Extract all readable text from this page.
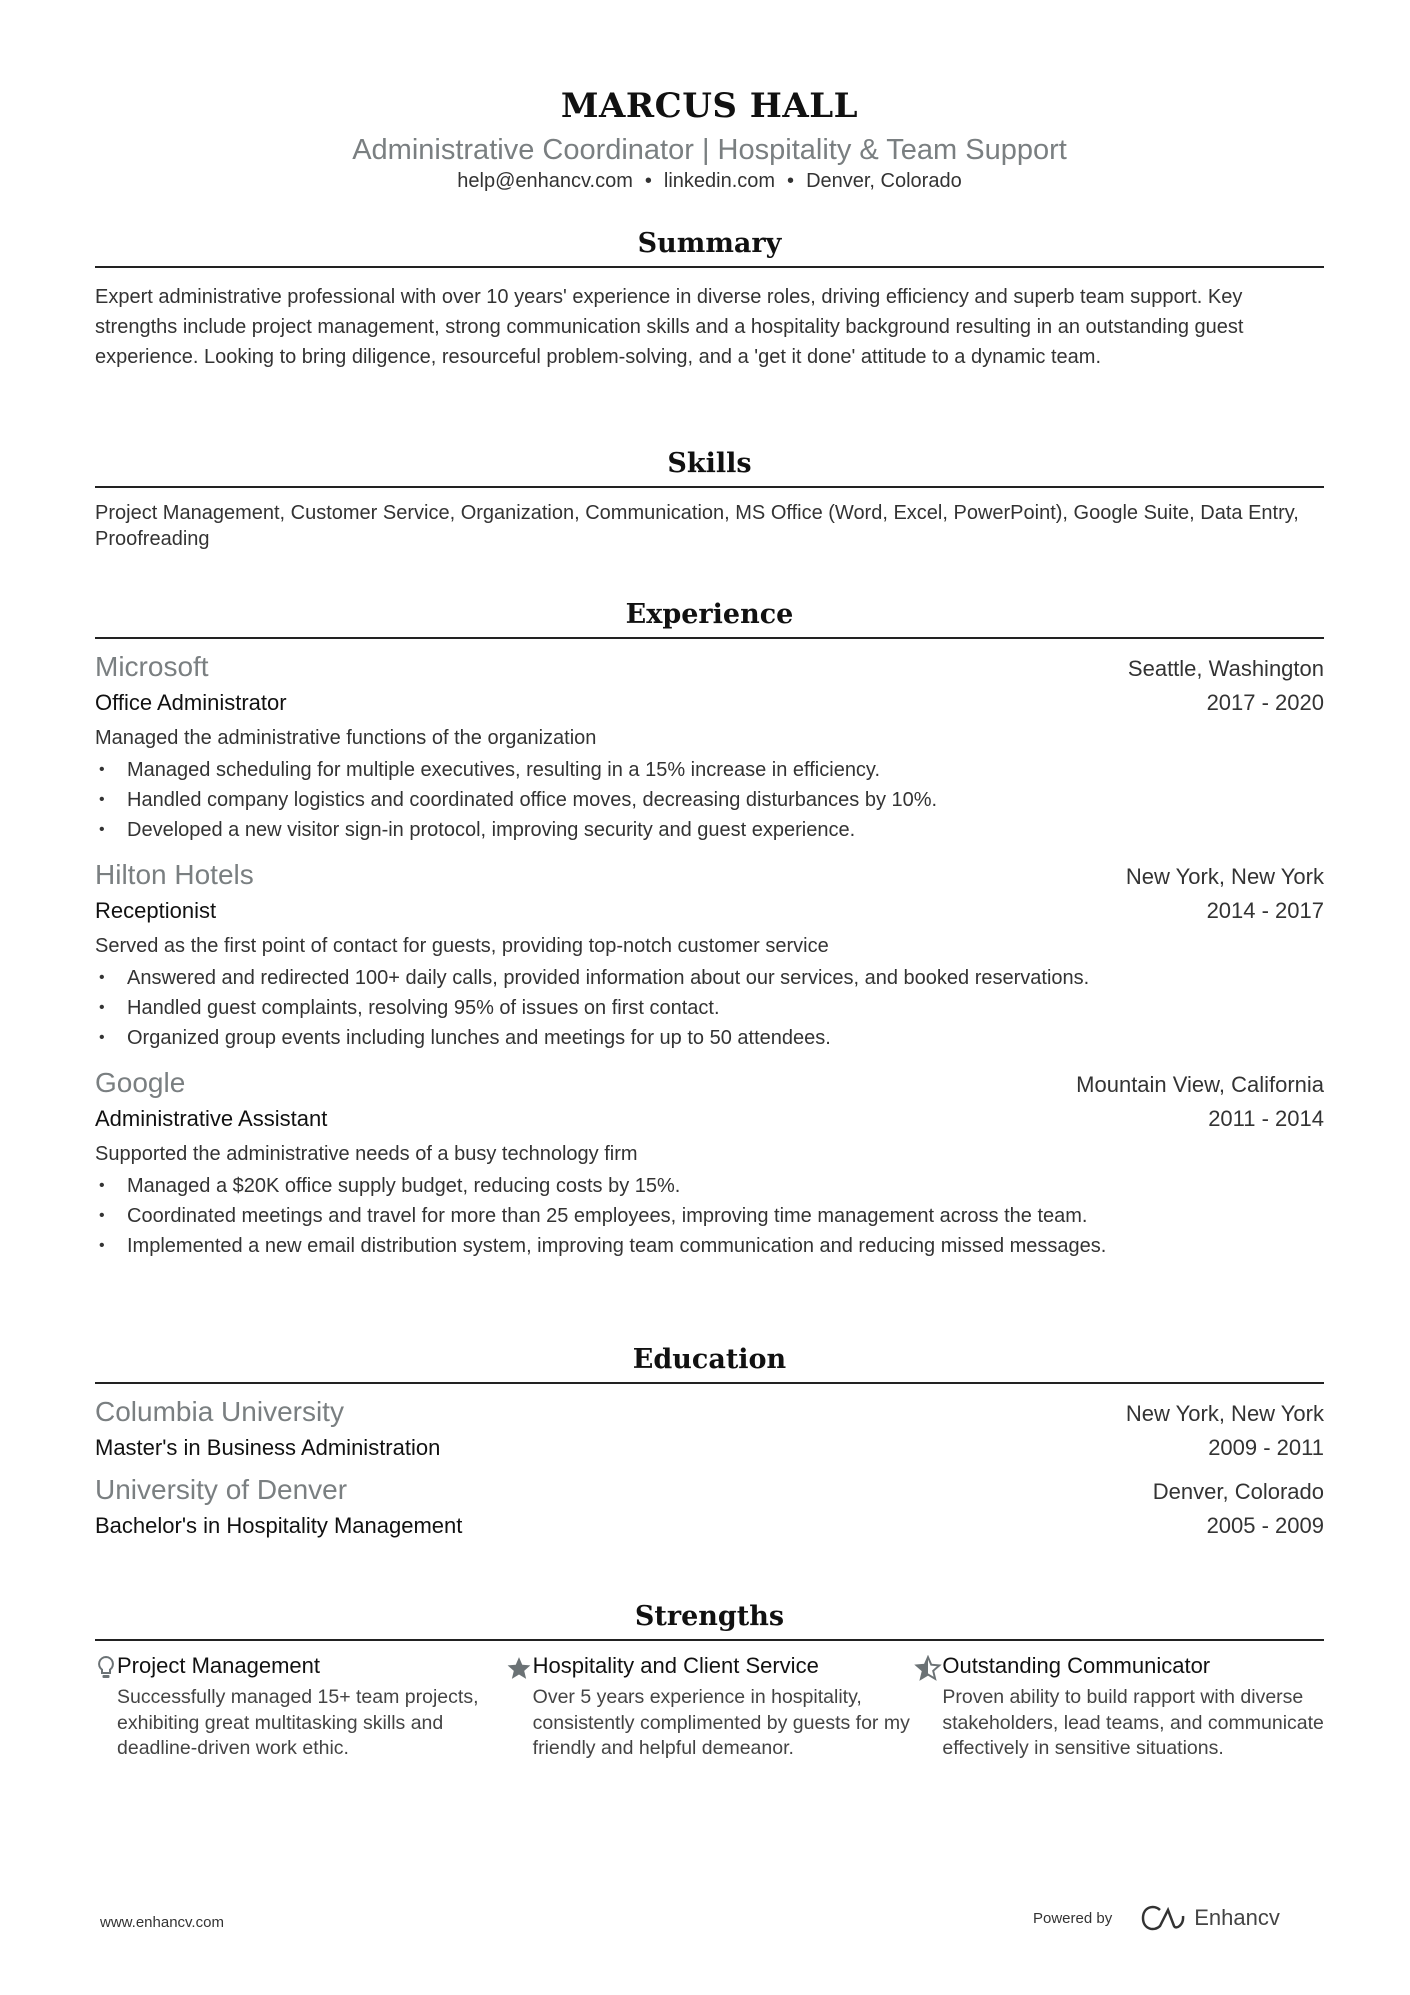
MARCUS HALL
Administrative Coordinator | Hospitality & Team Support
help@enhancv.com • linkedin.com • Denver, Colorado
Summary

Expert administrative professional with over 10 years' experience in diverse roles, driving efficiency and superb team support. Key strengths include project management, strong communication skills and a hospitality background resulting in an outstanding guest experience. Looking to bring diligence, resourceful problem-solving, and a 'get it done' attitude to a dynamic team.

Skills

Project Management, Customer Service, Organization, Communication, MS Office (Word, Excel, PowerPoint), Google Suite, Data Entry, Proofreading

Experience
Microsoft	Seattle, Washington
Office Administrator	2017 - 2020
Managed the administrative functions of the organization
• Managed scheduling for multiple executives, resulting in a 15% increase in efficiency.
• Handled company logistics and coordinated office moves, decreasing disturbances by 10%.
• Developed a new visitor sign-in protocol, improving security and guest experience.
Hilton Hotels	New York, New York
Receptionist	2014 - 2017
Served as the first point of contact for guests, providing top-notch customer service
• Answered and redirected 100+ daily calls, provided information about our services, and booked reservations.
• Handled guest complaints, resolving 95% of issues on first contact.
• Organized group events including lunches and meetings for up to 50 attendees.
Google	Mountain View, California
Administrative Assistant	2011 - 2014
Supported the administrative needs of a busy technology firm
• Managed a $20K office supply budget, reducing costs by 15%.
• Coordinated meetings and travel for more than 25 employees, improving time management across the team.
• Implemented a new email distribution system, improving team communication and reducing missed messages.
Education
Columbia University	New York, New York
Master's in Business Administration	2009 - 2011
University of Denver	Denver, Colorado
Bachelor's in Hospitality Management	2005 - 2009
Strengths
Project Management
Successfully managed 15+ team projects, exhibiting great multitasking skills and deadline-driven work ethic.
Hospitality and Client Service
Over 5 years experience in hospitality, consistently complimented by guests for my friendly and helpful demeanor.
Outstanding Communicator
Proven ability to build rapport with diverse stakeholders, lead teams, and communicate effectively in sensitive situations.
www.enhancv.com	Powered by	Enhancv
